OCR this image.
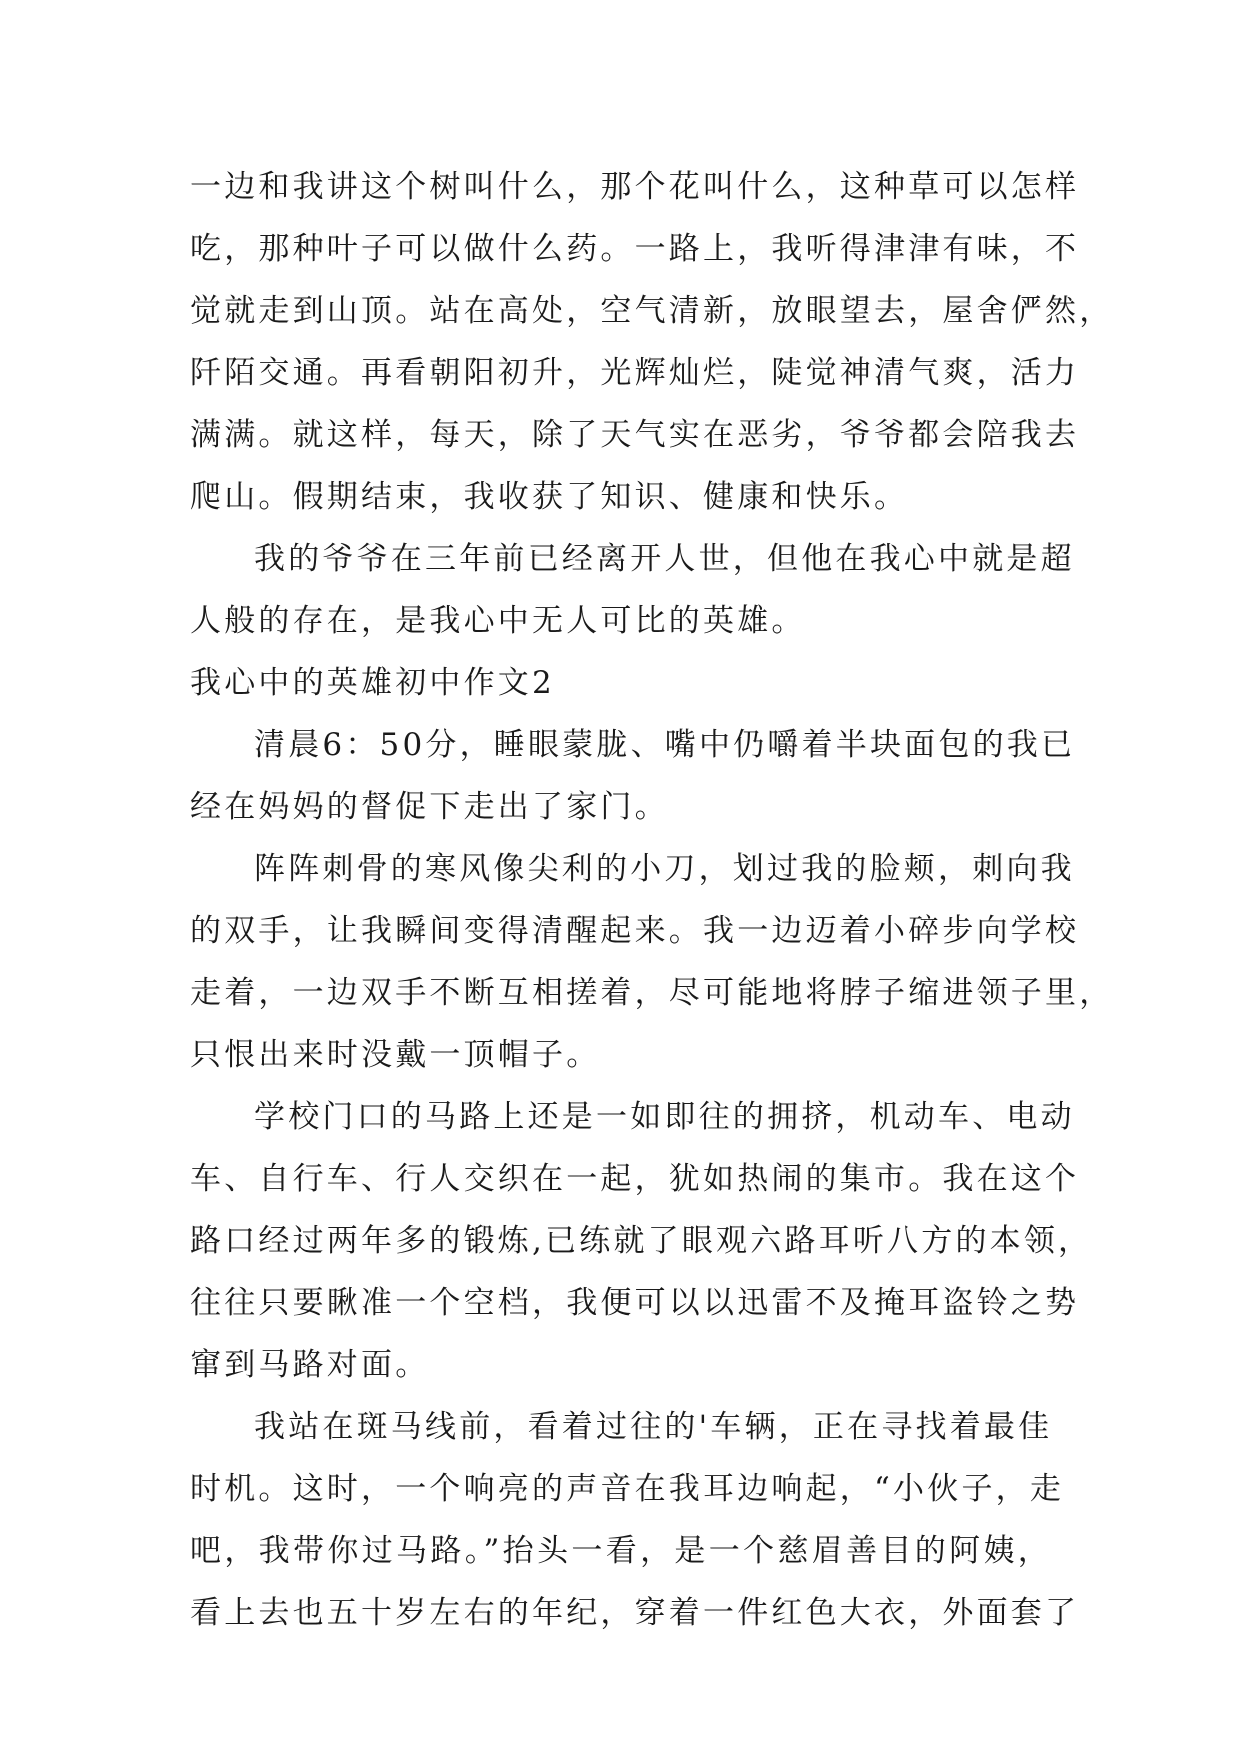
一边和我讲这个树叫什么，那个花叫什么，这种草可以怎样
吃，那种叶子可以做什么药。一路上，我听得津津有味，不
觉就走到山顶。站在高处，空气清新，放眼望去，屋舍俨然，
阡陌交通。再看朝阳初升，光辉灿烂，陡觉神清气爽，活力
满满。就这样，每天，除了天气实在恶劣，爷爷都会陪我去
爬山。假期结束，我收获了知识、健康和快乐。
我的爷爷在三年前已经离开人世，但他在我心中就是超
人般的存在，是我心中无人可比的英雄。
我心中的英雄初中作文2
清晨6：50分，睡眼蒙胧、嘴中仍嚼着半块面包的我已
经在妈妈的督促下走出了家门。
阵阵刺骨的寒风像尖利的小刀，划过我的脸颊，刺向我
的双手，让我瞬间变得清醒起来。我一边迈着小碎步向学校
走着，一边双手不断互相搓着，尽可能地将脖子缩进领子里，
只恨出来时没戴一顶帽子。
学校门口的马路上还是一如即往的拥挤，机动车、电动
车、自行车、行人交织在一起，犹如热闹的集市。我在这个
路口经过两年多的锻炼,已练就了眼观六路耳听八方的本领，
往往只要瞅准一个空档，我便可以以迅雷不及掩耳盗铃之势
窜到马路对面。
我站在斑马线前，看着过往的'车辆，正在寻找着最佳
时机。这时，一个响亮的声音在我耳边响起，“小伙子，走
吧，我带你过马路。”抬头一看，是一个慈眉善目的阿姨，
看上去也五十岁左右的年纪，穿着一件红色大衣，外面套了
